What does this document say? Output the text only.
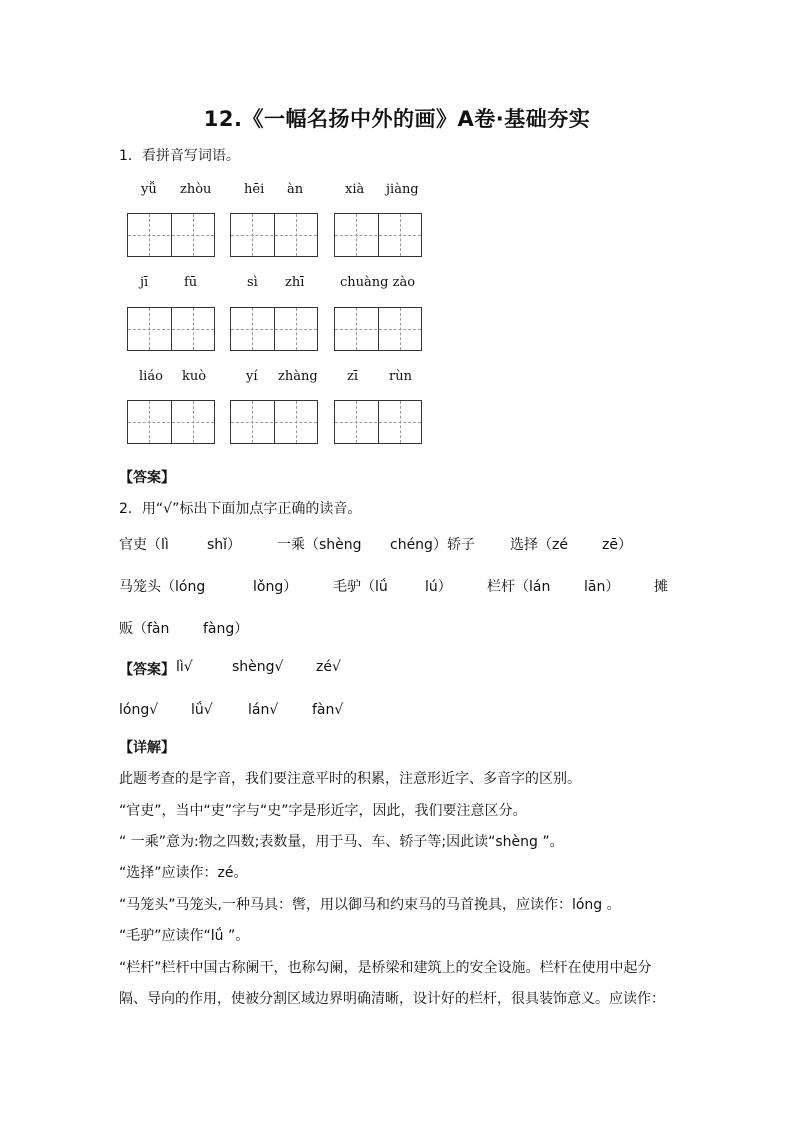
12.《一幅名扬中外的画》A卷·基础夯实
1．看拼音写词语。
yǚ zhòu	hēi àn	xià jiàng
jī	fū	sì zhī	chuàng zào
liáo kuò	yí zhàng zī rùn
【答案】
2．用“√”标出下面加点字正确的读音。
官吏（lì	shǐ）	一乘（shèng chéng）轿子	选择（zé zē）
马笼头（lóng	lǒng）	毛驴（lǘ	lú）	栏杆（lán lān） 摊
贩（fàn fàng）
【答案】 lì√	shèng√ zé√
lóng√ lǘ√	lán√ fàn√
【详解】
此题考查的是字音，我们要注意平时的积累，注意形近字、多音字的区别。
“官吏”，当中“吏”字与“史”字是形近字，因此，我们要注意区分。
“ 一乘”意为:物之四数;表数量，用于马、车、轿子等;因此读“shèng ”。
“选择”应读作：zé。
“马笼头”马笼头,一种马具：辔，用以御马和约束马的马首挽具，应读作：lóng 。
“毛驴”应读作“lǘ ”。
“栏杆”栏杆中国古称阑干，也称勾阑，是桥梁和建筑上的安全设施。栏杆在使用中起分
隔、导向的作用，使被分割区域边界明确清晰，设计好的栏杆，很具装饰意义。应读作：
